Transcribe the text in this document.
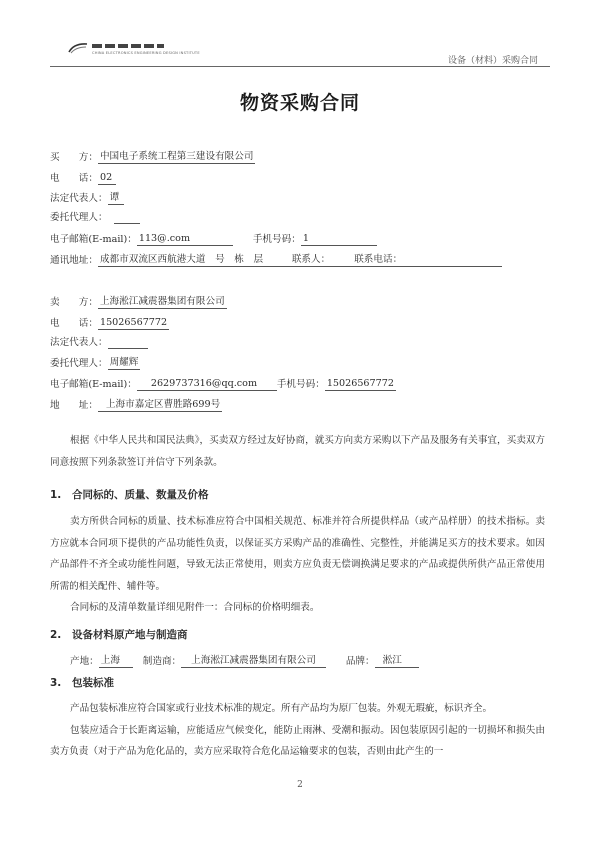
CHINA ELECTRONICS ENGINEERING DESIGN INSTITUTE
设备（材料）采购合同
物资采购合同
买　　方： 中国电子系统工程第三建设有限公司
电　　话： 02
法定代表人： 谭
委托代理人：
电子邮箱(E-mail)： 113@.com	手机号码： 1
通讯地址： 成都市双流区西航港大道　号　栋　层　　　联系人：　　　联系电话：
卖　　方： 上海淞江减震器集团有限公司
电　　话： 15026567772
法定代表人：
委托代理人： 周耀辉
电子邮箱(E-mail)： 2629737316@qq.com 手机号码： 15026567772
地　　址： 上海市嘉定区曹胜路699号

根据《中华人民共和国民法典》，买卖双方经过友好协商，就买方向卖方采购以下产品及服务有关事宜，买卖双方同意按照下列条款签订并信守下列条款。

1. 合同标的、质量、数量及价格

卖方所供合同标的质量、技术标准应符合中国相关规范、标准并符合所提供样品（或产品样册）的技术指标。卖方应就本合同项下提供的产品功能性负责，以保证买方采购产品的准确性、完整性，并能满足买方的技术要求。如因产品部件不齐全或功能性问题，导致无法正常使用，则卖方应负责无偿调换满足要求的产品或提供所供产品正常使用所需的相关配件、辅件等。

合同标的及清单数量详细见附件一：合同标的价格明细表。

2. 设备材料原产地与制造商
产地： 上海 制造商： 上海淞江减震器集团有限公司	品牌： 淞江
3. 包装标准

产品包装标准应符合国家或行业技术标准的规定。所有产品均为原厂包装。外观无瑕疵，标识齐全。

包装应适合于长距离运输，应能适应气候变化，能防止雨淋、受潮和振动。因包装原因引起的一切损坏和损失由卖方负责（对于产品为危化品的，卖方应采取符合危化品运输要求的包装，否则由此产生的一

2
